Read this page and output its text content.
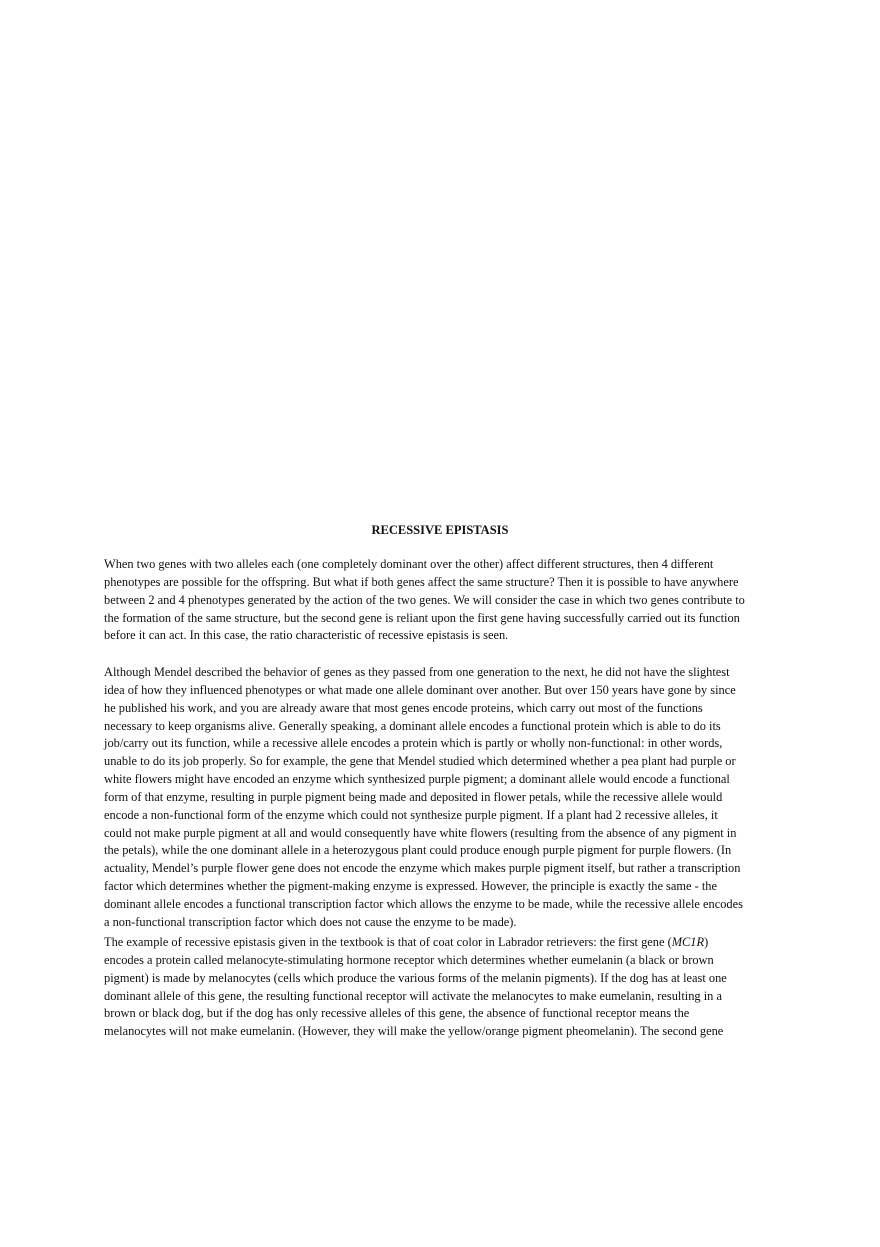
RECESSIVE EPISTASIS
When two genes with two alleles each (one completely dominant over the other) affect different structures, then 4 different
phenotypes are possible for the offspring. But what if both genes affect the same structure? Then it is possible to have anywhere
between 2 and 4 phenotypes generated by the action of the two genes. We will consider the case in which two genes contribute to
the formation of the same structure, but the second gene is reliant upon the first gene having successfully carried out its function
before it can act. In this case, the ratio characteristic of recessive epistasis is seen.
Although Mendel described the behavior of genes as they passed from one generation to the next, he did not have the slightest
idea of how they influenced phenotypes or what made one allele dominant over another. But over 150 years have gone by since
he published his work, and you are already aware that most genes encode proteins, which carry out most of the functions
necessary to keep organisms alive. Generally speaking, a dominant allele encodes a functional protein which is able to do its
job/carry out its function, while a recessive allele encodes a protein which is partly or wholly non-functional: in other words,
unable to do its job properly. So for example, the gene that Mendel studied which determined whether a pea plant had purple or
white flowers might have encoded an enzyme which synthesized purple pigment; a dominant allele would encode a functional
form of that enzyme, resulting in purple pigment being made and deposited in flower petals, while the recessive allele would
encode a non-functional form of the enzyme which could not synthesize purple pigment. If a plant had 2 recessive alleles, it
could not make purple pigment at all and would consequently have white flowers (resulting from the absence of any pigment in
the petals), while the one dominant allele in a heterozygous plant could produce enough purple pigment for purple flowers. (In
actuality, Mendel’s purple flower gene does not encode the enzyme which makes purple pigment itself, but rather a transcription
factor which determines whether the pigment-making enzyme is expressed. However, the principle is exactly the same - the
dominant allele encodes a functional transcription factor which allows the enzyme to be made, while the recessive allele encodes
a non-functional transcription factor which does not cause the enzyme to be made).
The example of recessive epistasis given in the textbook is that of coat color in Labrador retrievers: the first gene (MC1R)
encodes a protein called melanocyte-stimulating hormone receptor which determines whether eumelanin (a black or brown
pigment) is made by melanocytes (cells which produce the various forms of the melanin pigments). If the dog has at least one
dominant allele of this gene, the resulting functional receptor will activate the melanocytes to make eumelanin, resulting in a
brown or black dog, but if the dog has only recessive alleles of this gene, the absence of functional receptor means the
melanocytes will not make eumelanin. (However, they will make the yellow/orange pigment pheomelanin). The second gene
